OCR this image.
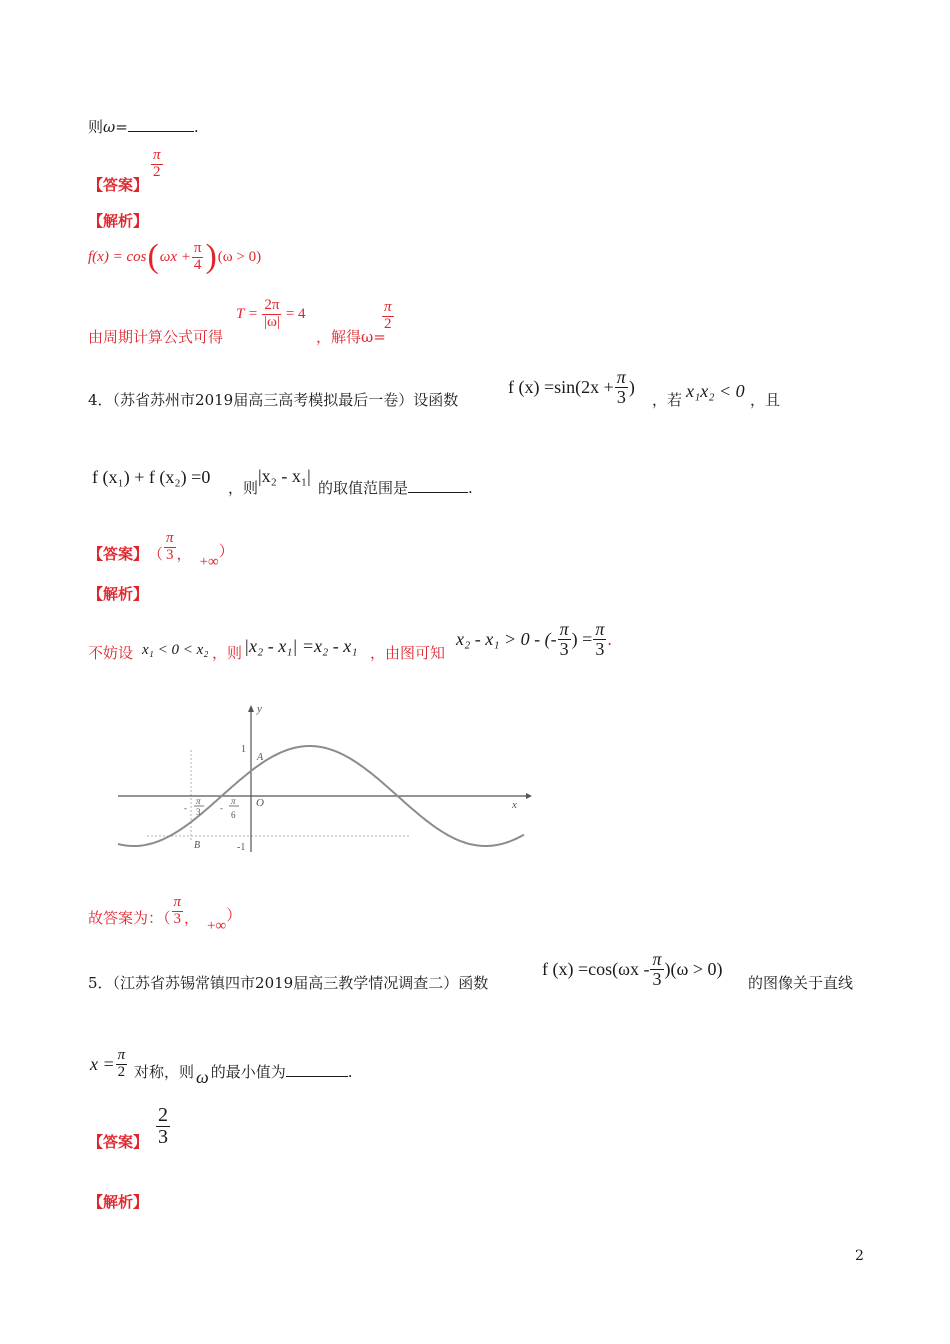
则ω=	.
【答案】
$\frac{\pi}{2}$
【解析】
f(x) = cos ( $\omega x + \frac{\pi}{4}$ ) (ω > 0)
由周期计算公式可得
$T = \frac{2\pi}{|\omega|} = 4$
，解得ω=
$\frac{\pi}{2}$
4．（苏省苏州市2019届高三高考模拟最后一卷）设函数
f $(x) =\sin(2x + \frac{\pi}{3}$ )
，若 x₁x₂ < 0 ，且
f (x₁) + f (x₂) =0
，则
|x₂ - x₁|
的取值范围是	.
【答案】 （ $\frac{\pi}{3}$ ， +∞
）
【解析】
不妨设 x₁ < 0 < x₂ ，则 |x₂ - x₁| =x₂ - x₁ ，由图可知
x₂ - x₁ > 0 - (- $\frac{\pi}{3}$ ) = $\frac{\pi}{3}$ .
y
x
O
1
-1
A
B
-
π
3 -
π
6
故答案为：（ $\frac{\pi}{3}$ ， +∞
）
5．（江苏省苏锡常镇四市2019届高三教学情况调查二）函数
f $(x) =\cos(\omega x - \frac{\pi}{3} )(\omega > 0)$
的图像关于直线
$x = \frac{\pi}{2}$ 对称，则 ω 的最小值为	.
【答案】 $\frac{2}{3}$
【解析】
2
